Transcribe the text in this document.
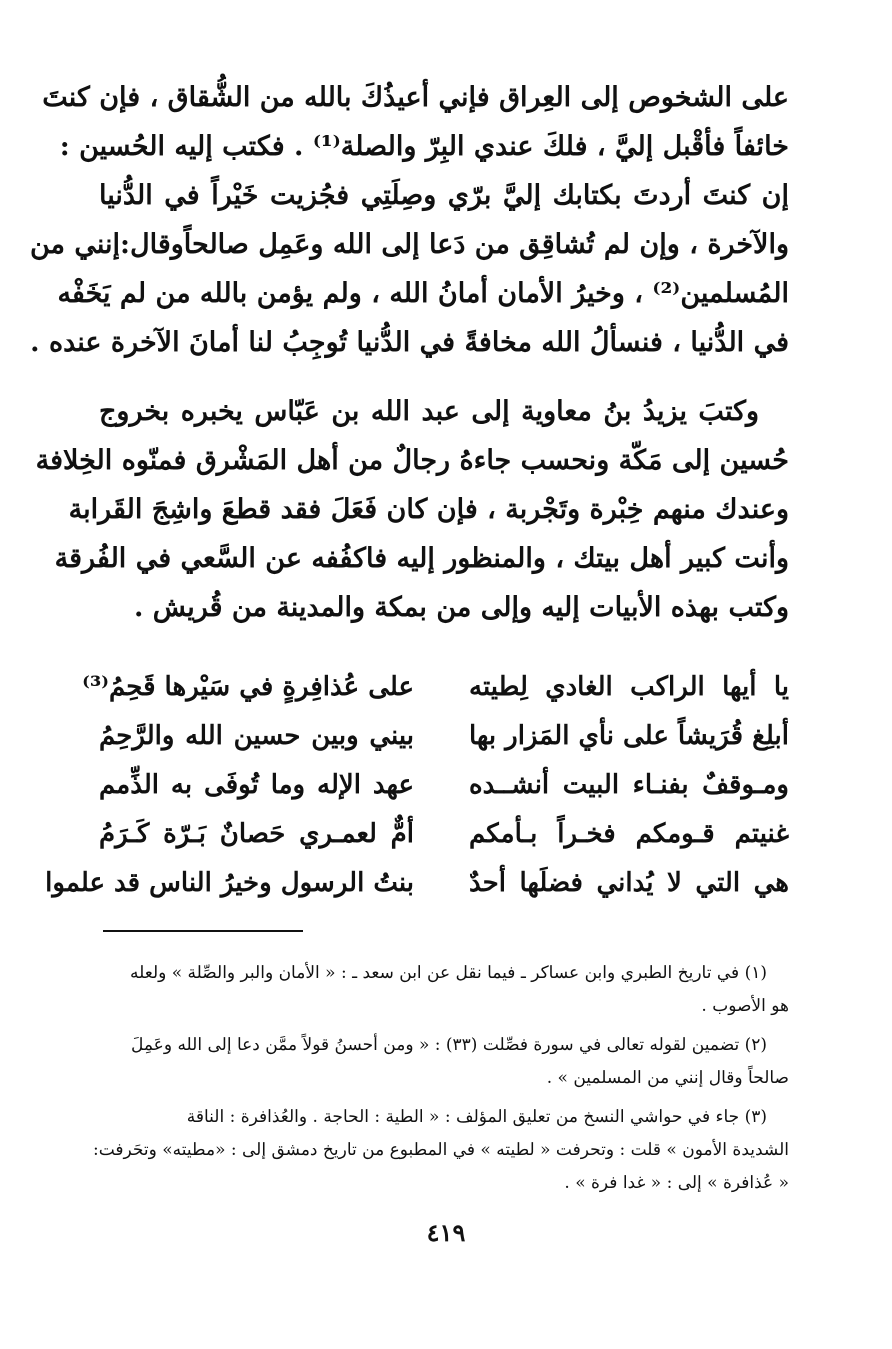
على الشخوص إلى العِراق فإني أعيذُكَ بالله من الشُّقاق ، فإن كنتَ
خائفاً فأقْبل إليَّ ، فلكَ عندي البِرّ والصلة⁽¹⁾ . فكتب إليه الحُسين :
إن كنتَ أردتَ بكتابك إليَّ برّي وصِلَتِي فجُزيت خَيْراً في الدُّنيا
والآخرة ، وإن لم تُشاقِق من دَعا إلى الله وعَمِل صالحاًوقال:إنني من
المُسلمين⁽²⁾ ، وخيرُ الأمان أمانُ الله ، ولم يؤمن بالله من لم يَخَفْه
في الدُّنيا ، فنسألُ الله مخافةً في الدُّنيا تُوجِبُ لنا أمانَ الآخرة عنده .
وكتبَ يزيدُ بنُ معاوية إلى عبد الله بن عَبّاس يخبره بخروج
حُسين إلى مَكّة ونحسب جاءهُ رجالٌ من أهل المَشْرق فمنّوه الخِلافة
وعندك منهم خِبْرة وتَجْربة ، فإن كان فَعَلَ فقد قطعَ واشِجَ القَرابة
وأنت كبير أهل بيتك ، والمنظور إليه فاكفُفه عن السَّعي في الفُرقة
وكتب بهذه الأبيات إليه وإلى من بمكة والمدينة من قُريش .
يا أيها الراكب الغادي لِطيته
على عُذافِرةٍ في سَيْرها قَحِمُ⁽³⁾
أبلِغ قُرَيشاً على نأي المَزار بها
بيني وبين حسين الله والرَّحِمُ
ومـوقفٌ بفنـاء البيت أنشــده
عهد الإله وما تُوفَى به الذِّمم
غنيتم قـومكم فخـراً بـأمكم
أمٌّ لعمـري حَصانٌ بَـرّة كَـرَمُ
هي التي لا يُداني فضلَها أحدٌ
بنتُ الرسول وخيرُ الناس قد علموا
(١) في تاريخ الطبري وابن عساكر ـ فيما نقل عن ابن سعد ـ : « الأمان والبر والصِّلة » ولعله
هو الأصوب .
(٢) تضمين لقوله تعالى في سورة فصِّلت (٣٣) : « ومن أحسنُ قولاً ممَّن دعا إلى الله وعَمِلَ
صالحاً وقال إنني من المسلمين » .
(٣) جاء في حواشي النسخ من تعليق المؤلف : « الطية : الحاجة . والعُذافرة : الناقة
الشديدة الأمون » قلت : وتحرفت « لطيته » في المطبوع من تاريخ دمشق إلى : «مطيته» وتحَرفت:
« عُذافرة » إلى : « غدا فرة » .
٤١٩
